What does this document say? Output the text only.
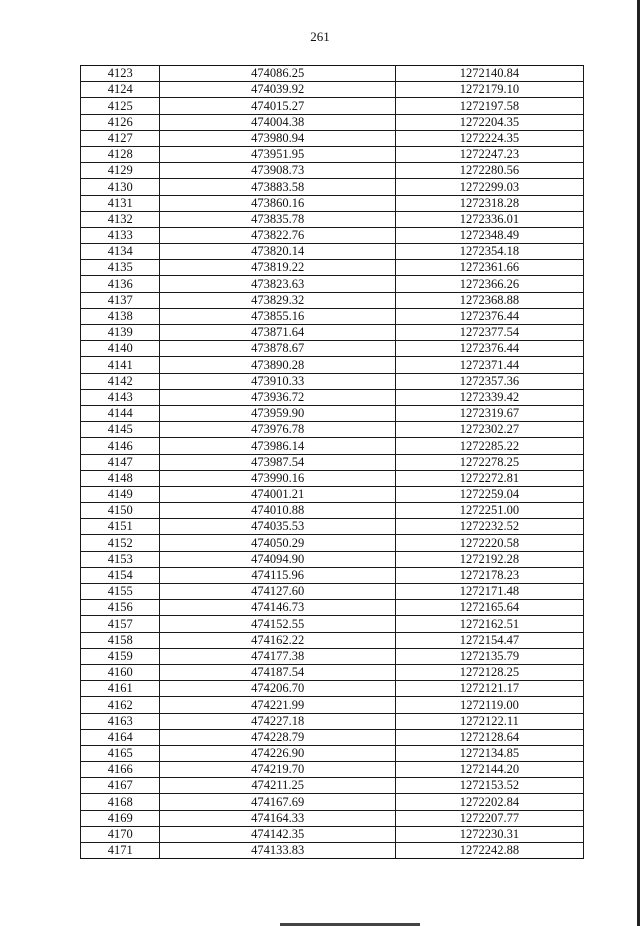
261
4123	474086.25	1272140.84
4124	474039.92	1272179.10
4125	474015.27	1272197.58
4126	474004.38	1272204.35
4127	473980.94	1272224.35
4128	473951.95	1272247.23
4129	473908.73	1272280.56
4130	473883.58	1272299.03
4131	473860.16	1272318.28
4132	473835.78	1272336.01
4133	473822.76	1272348.49
4134	473820.14	1272354.18
4135	473819.22	1272361.66
4136	473823.63	1272366.26
4137	473829.32	1272368.88
4138	473855.16	1272376.44
4139	473871.64	1272377.54
4140	473878.67	1272376.44
4141	473890.28	1272371.44
4142	473910.33	1272357.36
4143	473936.72	1272339.42
4144	473959.90	1272319.67
4145	473976.78	1272302.27
4146	473986.14	1272285.22
4147	473987.54	1272278.25
4148	473990.16	1272272.81
4149	474001.21	1272259.04
4150	474010.88	1272251.00
4151	474035.53	1272232.52
4152	474050.29	1272220.58
4153	474094.90	1272192.28
4154	474115.96	1272178.23
4155	474127.60	1272171.48
4156	474146.73	1272165.64
4157	474152.55	1272162.51
4158	474162.22	1272154.47
4159	474177.38	1272135.79
4160	474187.54	1272128.25
4161	474206.70	1272121.17
4162	474221.99	1272119.00
4163	474227.18	1272122.11
4164	474228.79	1272128.64
4165	474226.90	1272134.85
4166	474219.70	1272144.20
4167	474211.25	1272153.52
4168	474167.69	1272202.84
4169	474164.33	1272207.77
4170	474142.35	1272230.31
4171	474133.83	1272242.88
